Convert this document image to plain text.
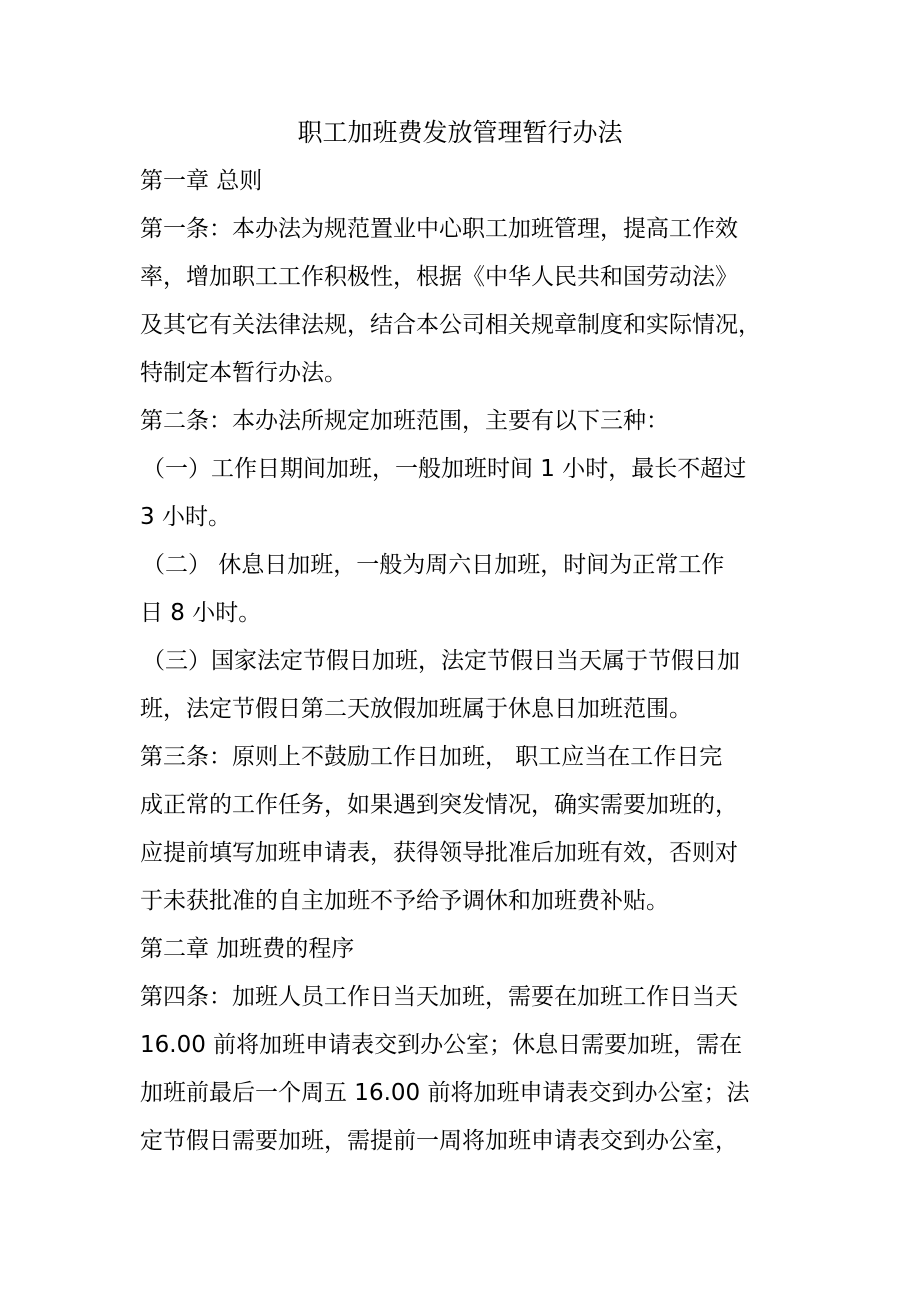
职工加班费发放管理暂行办法
第一章 总则
第一条：本办法为规范置业中心职工加班管理，提高工作效
率，增加职工工作积极性，根据《中华人民共和国劳动法》
及其它有关法律法规，结合本公司相关规章制度和实际情况，
特制定本暂行办法。
第二条：本办法所规定加班范围，主要有以下三种：
（一）工作日期间加班，一般加班时间 1 小时，最长不超过
3 小时。
（二） 休息日加班，一般为周六日加班，时间为正常工作
日 8 小时。
（三）国家法定节假日加班，法定节假日当天属于节假日加
班，法定节假日第二天放假加班属于休息日加班范围。
第三条：原则上不鼓励工作日加班， 职工应当在工作日完
成正常的工作任务，如果遇到突发情况，确实需要加班的，
应提前填写加班申请表，获得领导批准后加班有效，否则对
于未获批准的自主加班不予给予调休和加班费补贴。
第二章 加班费的程序
第四条：加班人员工作日当天加班，需要在加班工作日当天
16.00 前将加班申请表交到办公室；休息日需要加班，需在
加班前最后一个周五 16.00 前将加班申请表交到办公室；法
定节假日需要加班，需提前一周将加班申请表交到办公室，
